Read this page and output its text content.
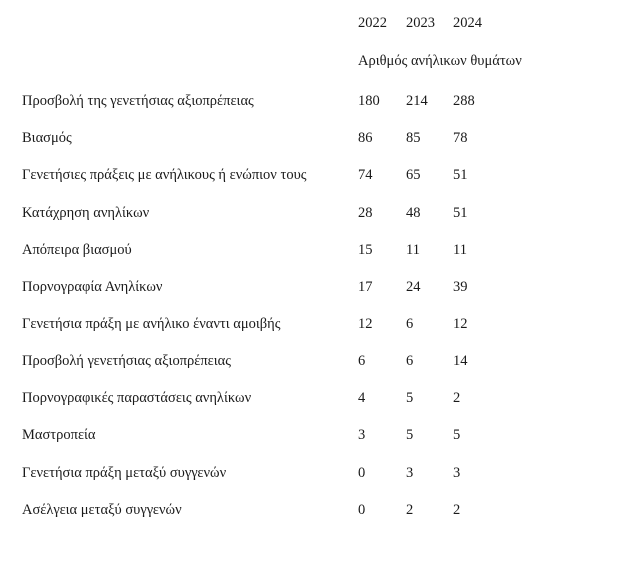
2022 2023 2024
Αριθμός ανήλικων θυμάτων
Προσβολή της γενετήσιας αξιοπρέπειας	180 214 288
Βιασμός	86 85 78
Γενετήσιες πράξεις με ανήλικους ή ενώπιον τους	74 65 51
Κατάχρηση ανηλίκων	28 48 51
Απόπειρα βιασμού	15 11 11
Πορνογραφία Ανηλίκων	17 24 39
Γενετήσια πράξη με ανήλικο έναντι αμοιβής	12 6	12
Προσβολή γενετήσιας αξιοπρέπειας	6	6	14
Πορνογραφικές παραστάσεις ανηλίκων	4	5	2
Μαστροπεία	3	5	5
Γενετήσια πράξη μεταξύ συγγενών	0	3	3
Ασέλγεια μεταξύ συγγενών	0	2	2
